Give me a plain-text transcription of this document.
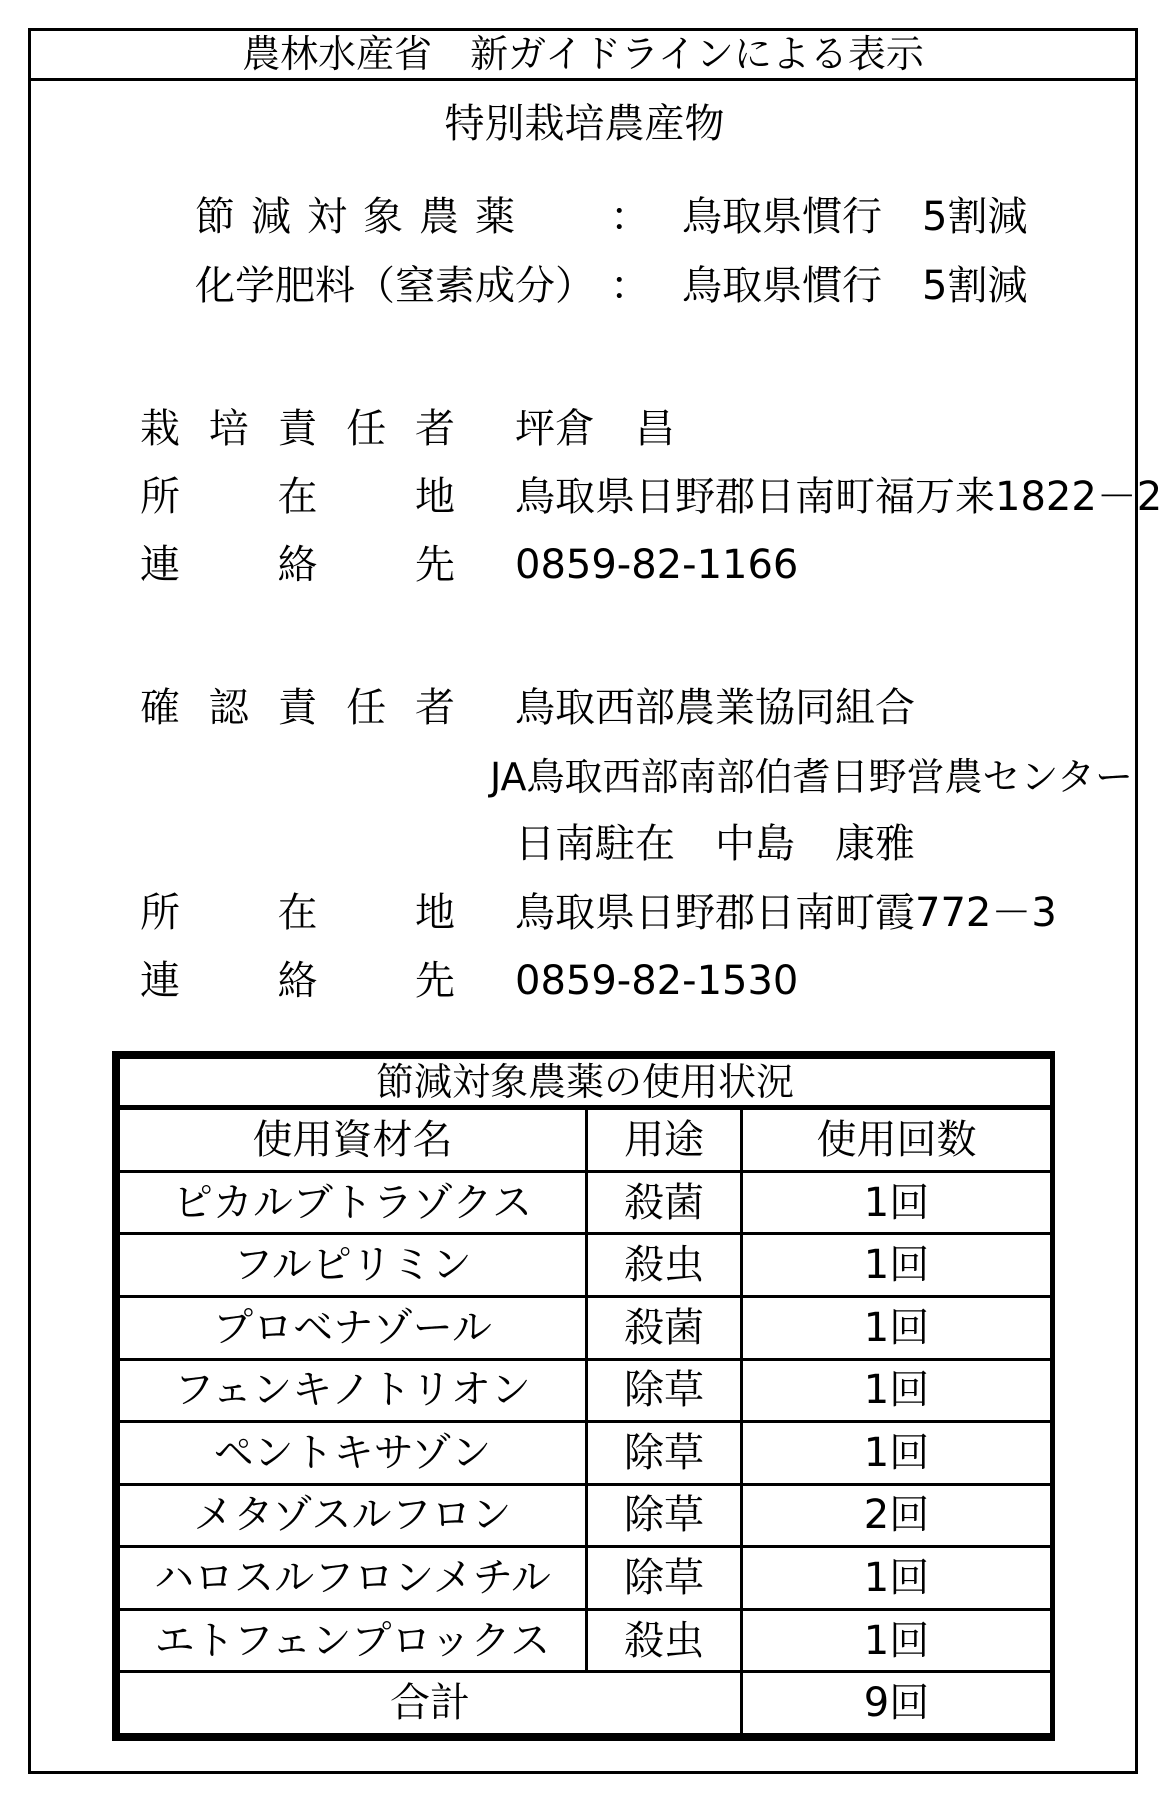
農林水産省　新ガイドラインによる表示
特別栽培農産物
節 減 対 象 農 薬 ： 鳥取県慣行　5割減
化学肥料（窒素成分） ： 鳥取県慣行　5割減
栽 培 責 任 者 坪倉　昌
所 在 地 鳥取県日野郡日南町福万来1822－2
連 絡 先 0859-82-1166
確 認 責 任 者 鳥取西部農業協同組合
JA鳥取西部南部伯耆日野営農センター
日南駐在　中島　康雅
所 在 地 鳥取県日野郡日南町霞772－3
連 絡 先 0859-82-1530
節減対象農薬の使用状況		
使用資材名	用途	使用回数
ピカルブトラゾクス	殺菌	1回
フルピリミン	殺虫	1回
プロベナゾール	殺菌	1回
フェンキノトリオン	除草	1回
ペントキサゾン	除草	1回
メタゾスルフロン	除草	2回
ハロスルフロンメチル	除草	1回
エトフェンプロックス	殺虫	1回
合計		9回
